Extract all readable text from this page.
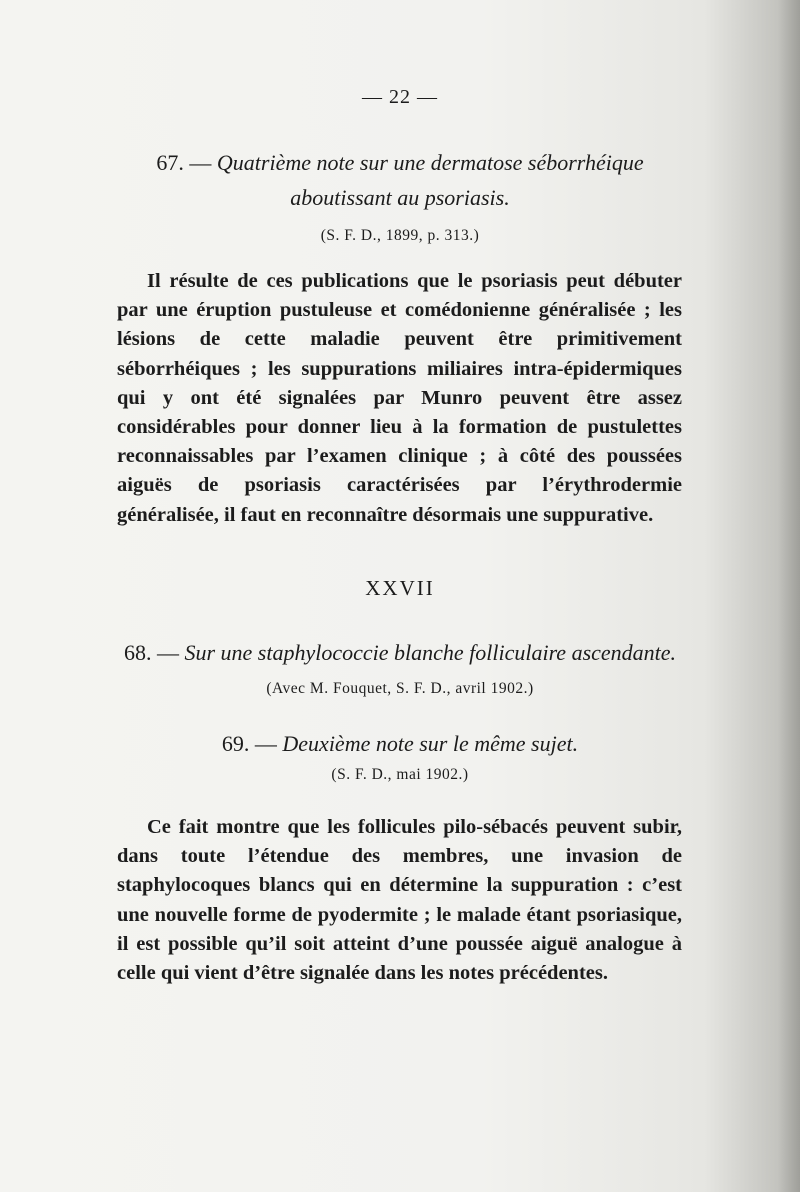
— 22 —
67. — Quatrième note sur une dermatose séborrhéique
aboutissant au psoriasis.
(S. F. D., 1899, p. 313.)
Il résulte de ces publications que le psoriasis peut débuter par une éruption pustuleuse et comédonienne généralisée ; les lésions de cette maladie peuvent être primitivement séborrhéiques ; les suppurations miliaires intra-épidermiques qui y ont été signalées par Munro peuvent être assez considérables pour donner lieu à la formation de pustulettes reconnaissables par l’examen clinique ; à côté des poussées aiguës de psoriasis caractérisées par l’érythrodermie généralisée, il faut en reconnaître désormais une suppurative.
XXVII
68. — Sur une staphylococcie blanche folliculaire ascendante.
(Avec M. Fouquet, S. F. D., avril 1902.)
69. — Deuxième note sur le même sujet.
(S. F. D., mai 1902.)
Ce fait montre que les follicules pilo-sébacés peuvent subir, dans toute l’étendue des membres, une invasion de staphylocoques blancs qui en détermine la suppuration : c’est une nouvelle forme de pyodermite ; le malade étant psoriasique, il est possible qu’il soit atteint d’une poussée aiguë analogue à celle qui vient d’être signalée dans les notes précédentes.
